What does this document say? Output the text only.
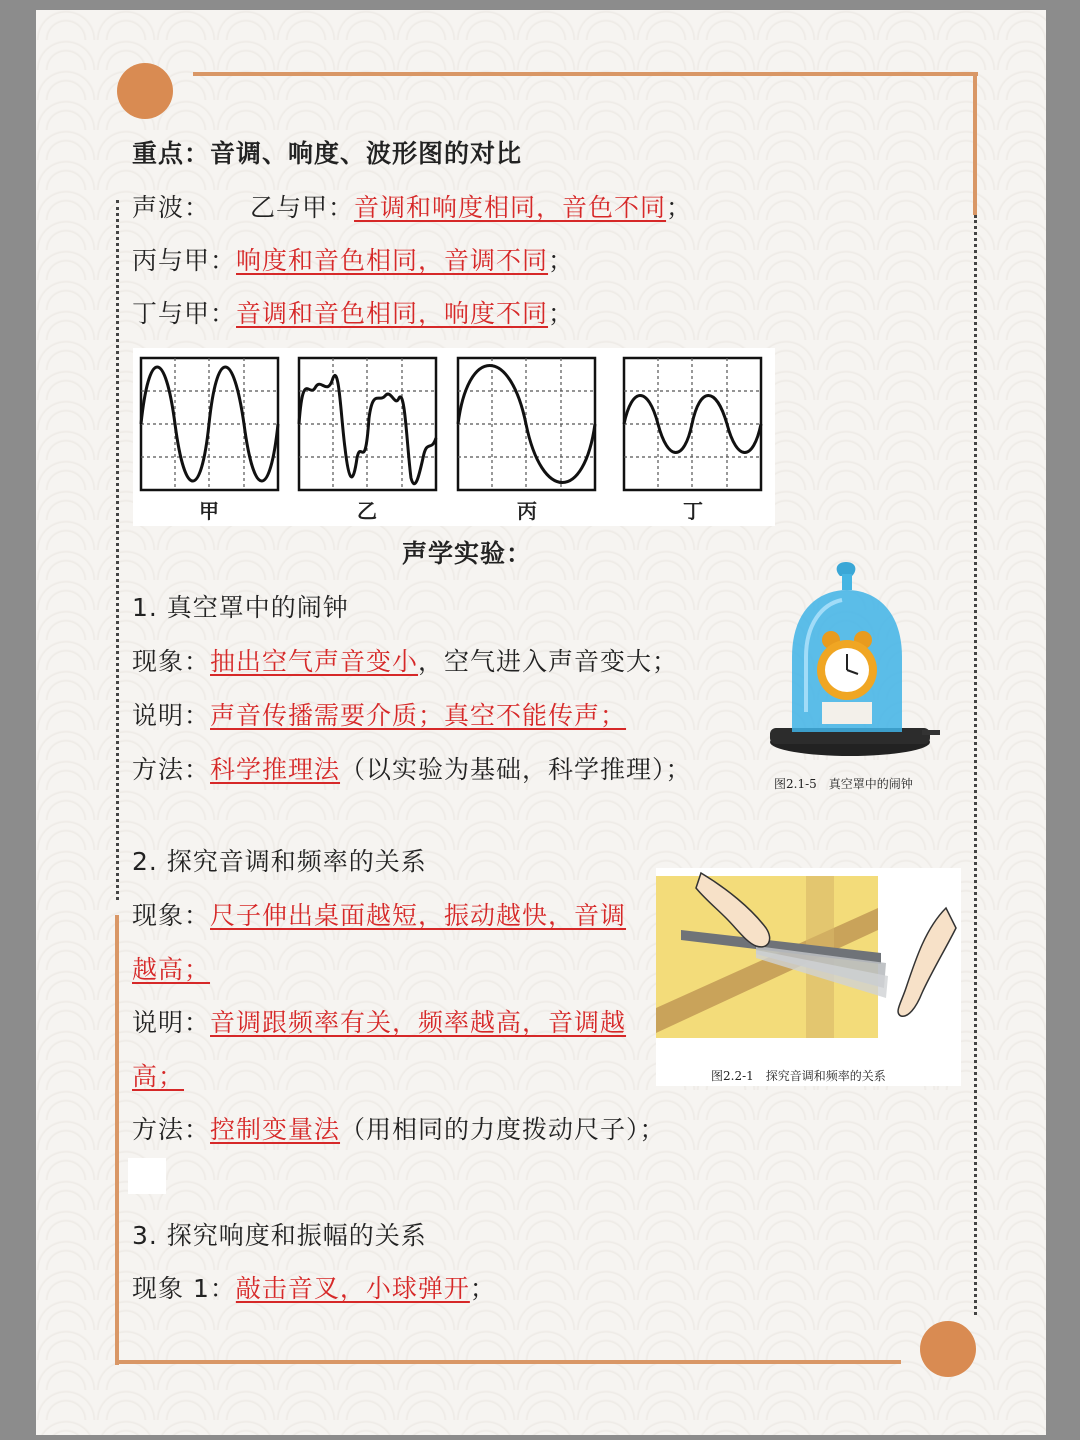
重点：音调、响度、波形图的对比
声波： 乙与甲：音调和响度相同，音色不同；
丙与甲：响度和音色相同，音调不同；
丁与甲：音调和音色相同，响度不同；
甲	乙	丙	丁
声学实验：
1. 真空罩中的闹钟
现象：抽出空气声音变小，空气进入声音变大；
说明：声音传播需要介质；真空不能传声；
方法：科学推理法（以实验为基础，科学推理）；	图2.1-5　真空罩中的闹钟
2. 探究音调和频率的关系
现象：尺子伸出桌面越短，振动越快，音调
越高；
说明：音调跟频率有关，频率越高，音调越
高；
方法：控制变量法（用相同的力度拨动尺子）；
图2.2-1　探究音调和频率的关系
3. 探究响度和振幅的关系
现象 1：敲击音叉，小球弹开；
